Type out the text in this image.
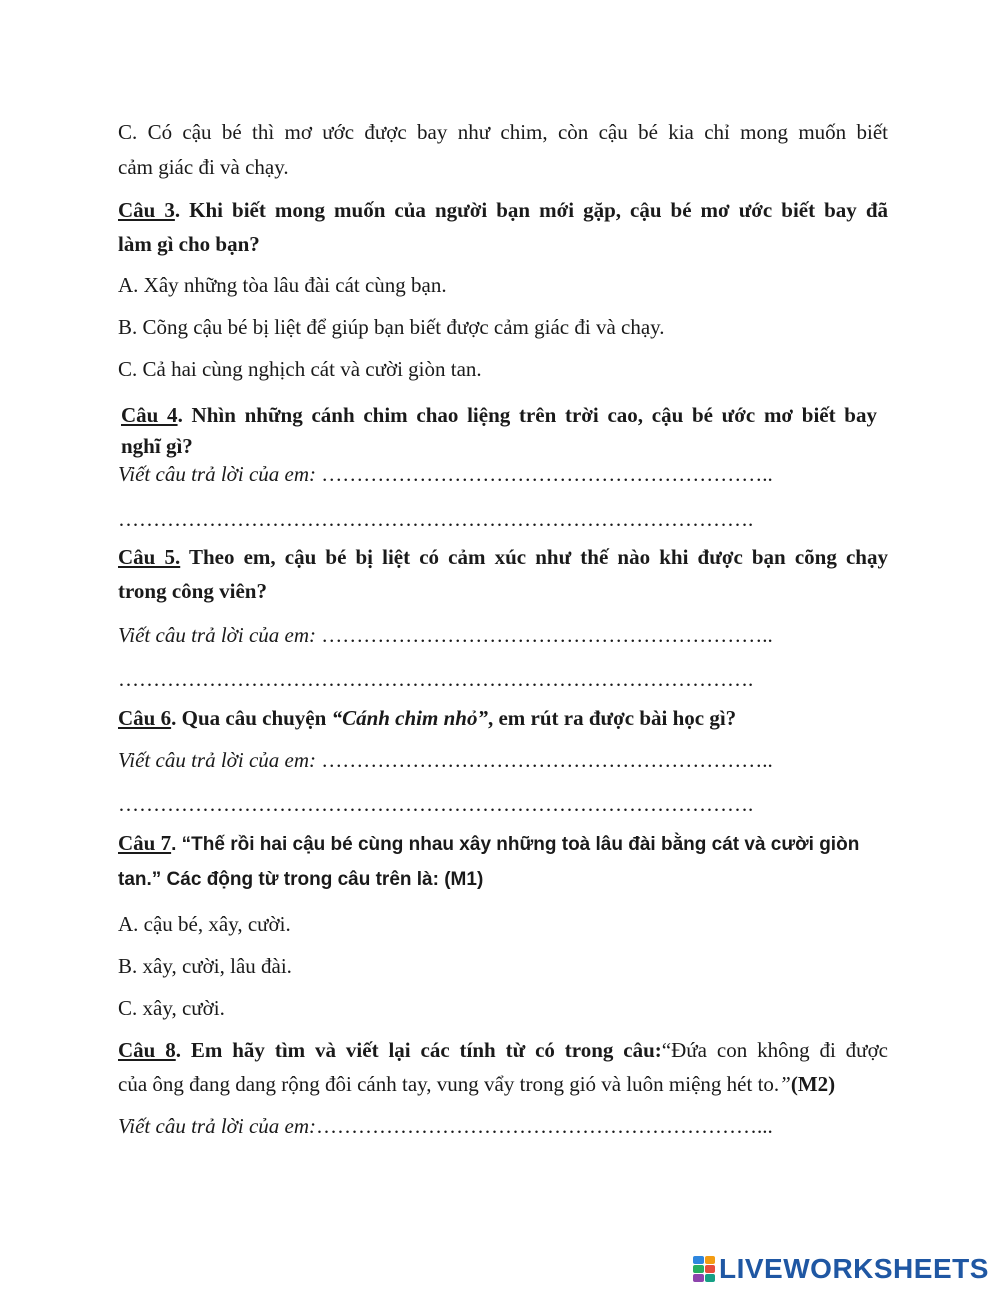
C. Có cậu bé thì mơ ước được bay như chim, còn cậu bé kia chỉ mong muốn biết
cảm giác đi và chạy.
Câu 3. Khi biết mong muốn của người bạn mới gặp, cậu bé mơ ước biết bay đã
làm gì cho bạn?
A. Xây những tòa lâu đài cát cùng bạn.
B. Cõng cậu bé bị liệt để giúp bạn biết được cảm giác đi và chạy.
C. Cả hai cùng nghịch cát và cười giòn tan.
Câu 4. Nhìn những cánh chim chao liệng trên trời cao, cậu bé ước mơ biết bay
nghĩ gì?
Viết câu trả lời của em: ………………………………………………………..
……………………………………………………………………………….
Câu 5. Theo em, cậu bé bị liệt có cảm xúc như thế nào khi được bạn cõng chạy
trong công viên?
Viết câu trả lời của em: ………………………………………………………..
……………………………………………………………………………….
Câu 6. Qua câu chuyện “Cánh chim nhỏ”, em rút ra được bài học gì?
Viết câu trả lời của em: ………………………………………………………..
……………………………………………………………………………….
Câu 7. “Thế rồi hai cậu bé cùng nhau xây những toà lâu đài bằng cát và cười giòn
tan.” Các động từ trong câu trên là: (M1)
A. cậu bé, xây, cười.
B. xây, cười, lâu đài.
C. xây, cười.
Câu 8. Em hãy tìm và viết lại các tính từ có trong câu:“Đứa con không đi được
của ông đang dang rộng đôi cánh tay, vung vẩy trong gió và luôn miệng hét to.”(M2)
Viết câu trả lời của em:………………………………………………………...
LIVEWORKSHEETS
